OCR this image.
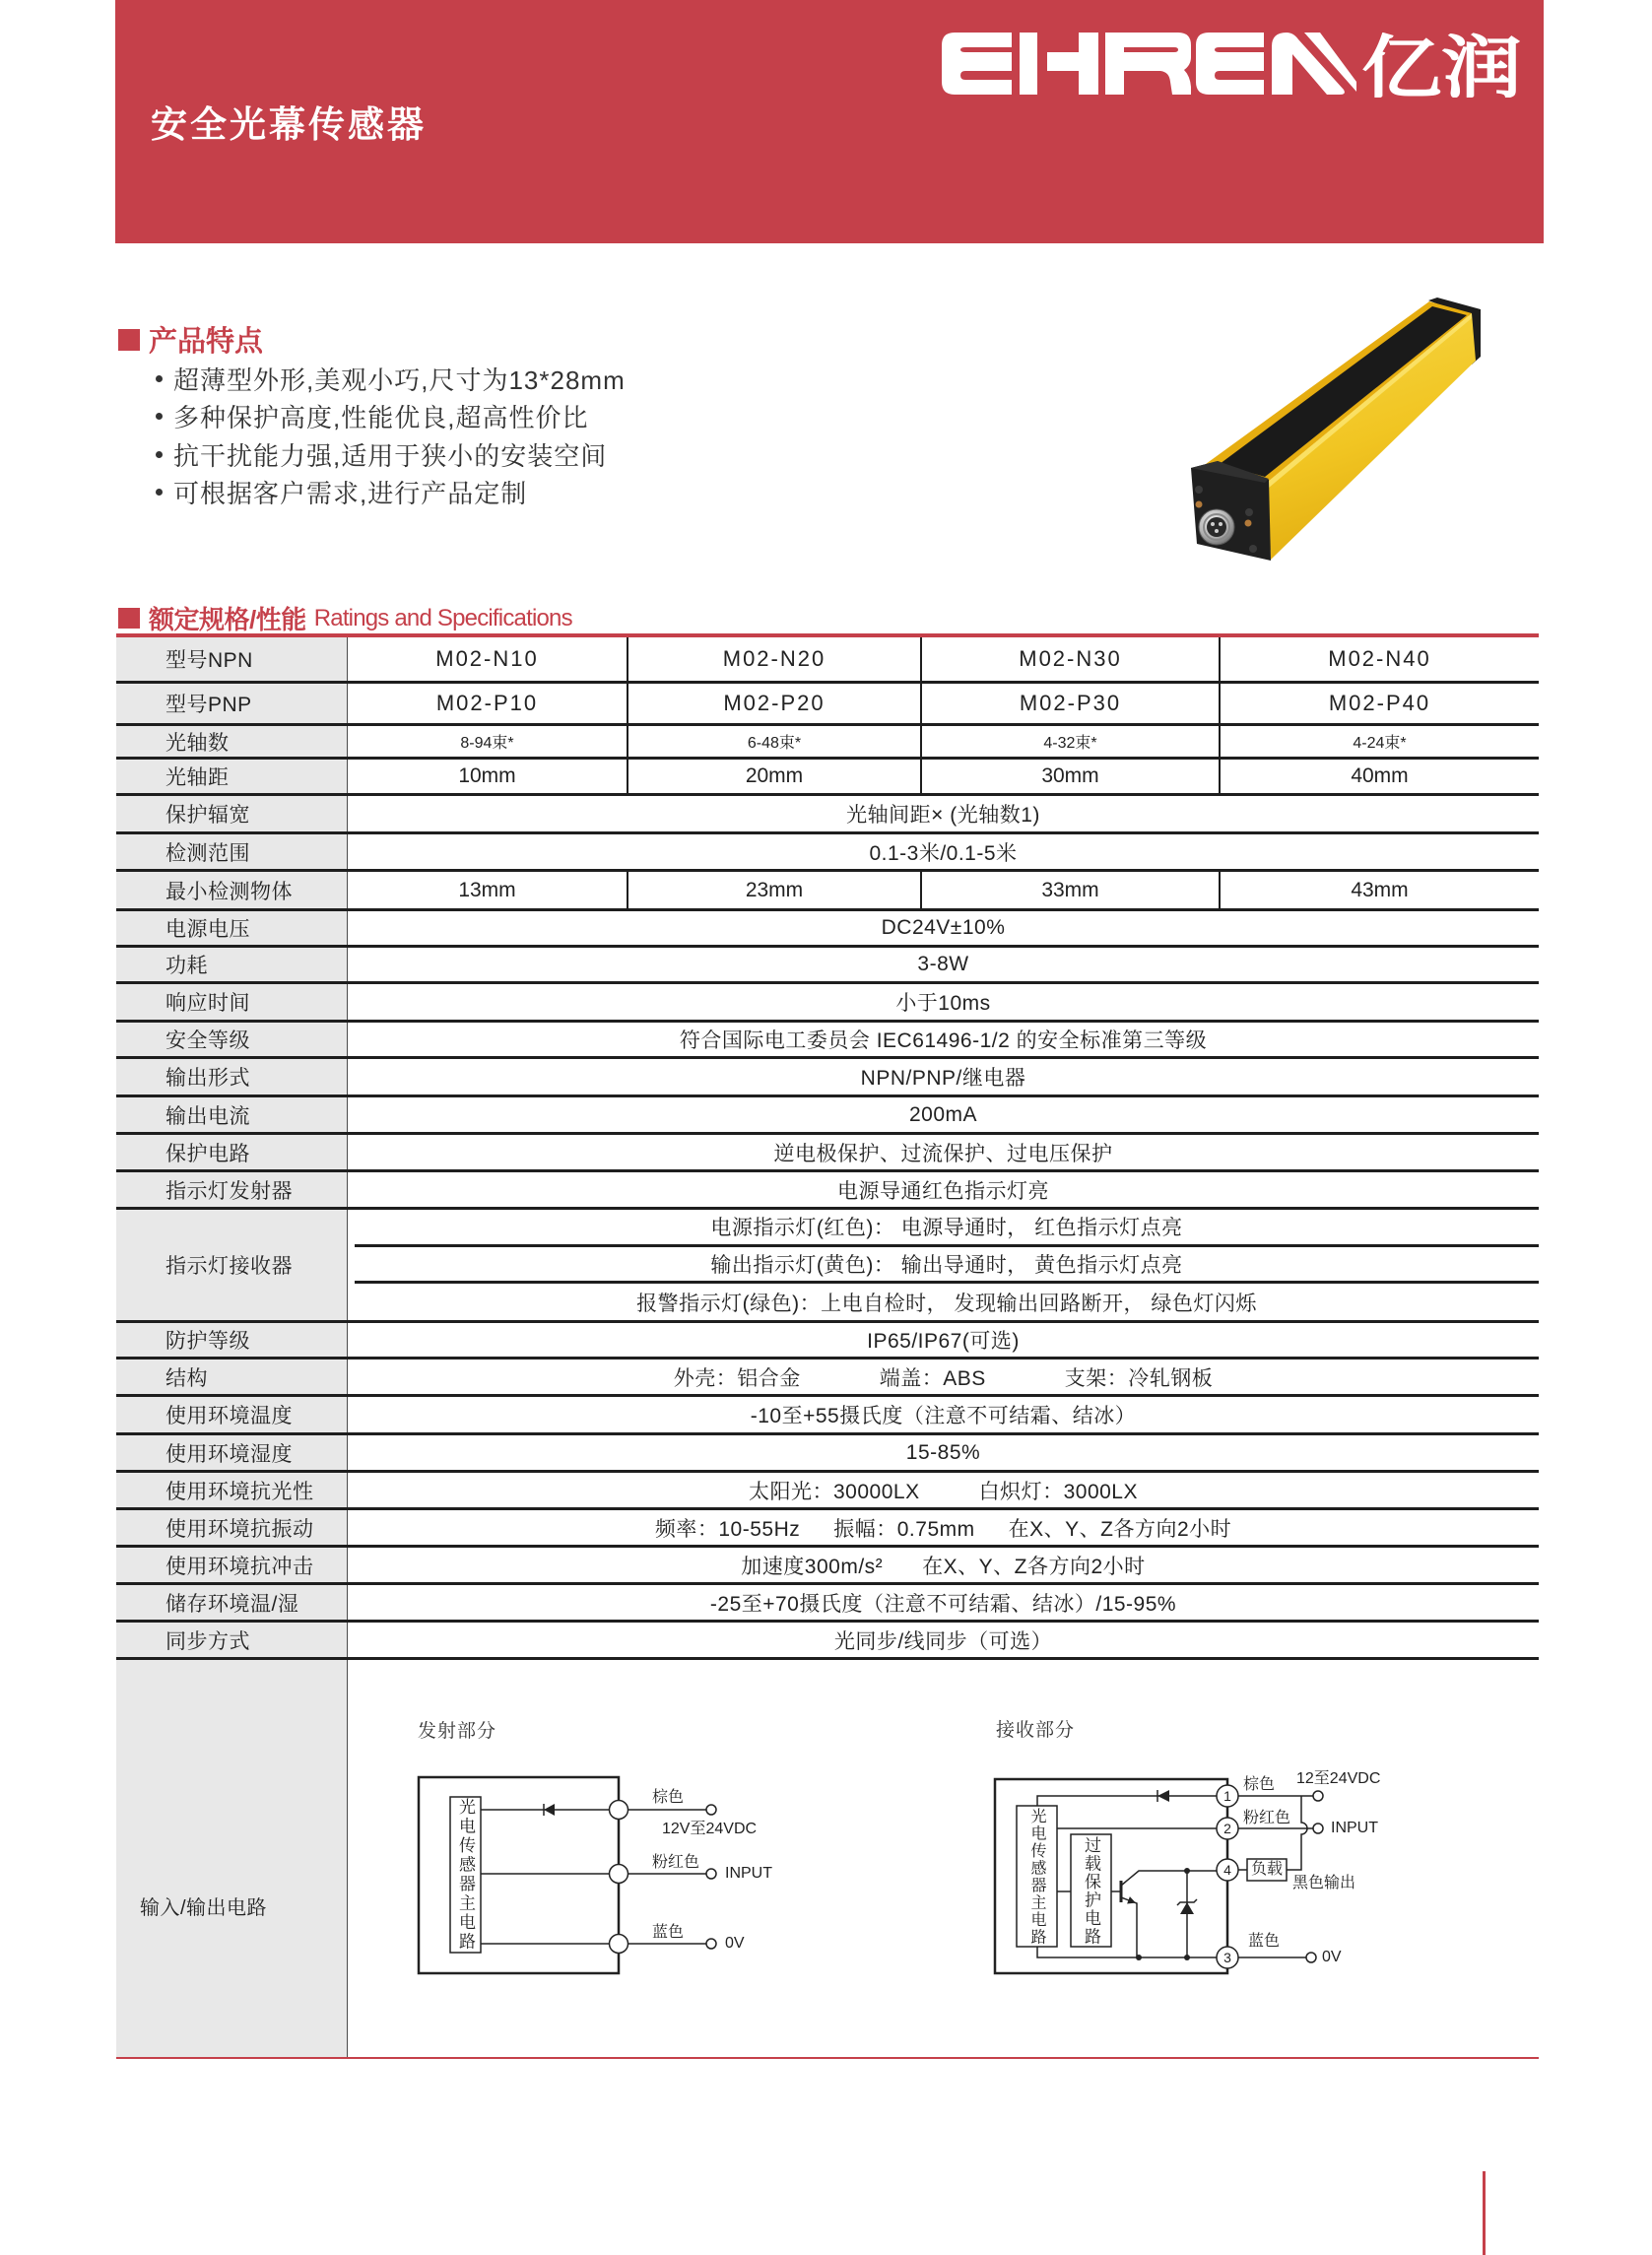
安全光幕传感器
亿润
产品特点
超薄型外形,美观小巧,尺寸为13*28mm
多种保护高度,性能优良,超高性价比
抗干扰能力强,适用于狭小的安装空间
可根据客户需求,进行产品定制
额定规格/性能 Ratings and Specifications
型号NPN	M02-N10	M02-N20	M02-N30	M02-N40
型号PNP	M02-P10	M02-P20	M02-P30	M02-P40
光轴数	8-94束*	6-48束*	4-32束*	4-24束*
光轴距	10mm	20mm	30mm	40mm
保护辐宽	光轴间距× (光轴数1)
检测范围	0.1-3米/0.1-5米
最小检测物体	13mm	23mm	33mm	43mm
电源电压	DC24V±10%
功耗	3-8W
响应时间	小于10ms
安全等级	符合国际电工委员会 IEC61496-1/2 的安全标准第三等级
输出形式	NPN/PNP/继电器
输出电流	200mA
保护电路	逆电极保护、过流保护、过电压保护
指示灯发射器	电源导通红色指示灯亮
指示灯接收器
电源指示灯(红色)： 电源导通时， 红色指示灯点亮
输出指示灯(黄色)： 输出导通时， 黄色指示灯点亮
报警指示灯(绿色)：上电自检时， 发现输出回路断开， 绿色灯闪烁
防护等级	IP65/IP67(可选)
结构	外壳：铝合金	端盖：ABS	支架：冷轧钢板
使用环境温度	-10至+55摄氏度（注意不可结霜、结冰）
使用环境湿度	15-85%
使用环境抗光性	太阳光：30000LX	白炽灯：3000LX
使用环境抗振动	频率：10-55Hz 振幅：0.75mm 在X、Y、Z各方向2小时
使用环境抗冲击	加速度300m/s² 在X、Y、Z各方向2小时
储存环境温/湿	-25至+70摄氏度（注意不可结霜、结冰）/15-95%
同步方式	光同步/线同步（可选）
输入/输出电路
发射部分
光电传感器主电路
棕色
12V至24VDC
粉红色
INPUT
蓝色
0V
接收部分
光电传感器主电路	过载保护电路
1
2
4
3
负载
棕色 12至24VDC
粉红色
INPUT
黑色输出
蓝色
0V
